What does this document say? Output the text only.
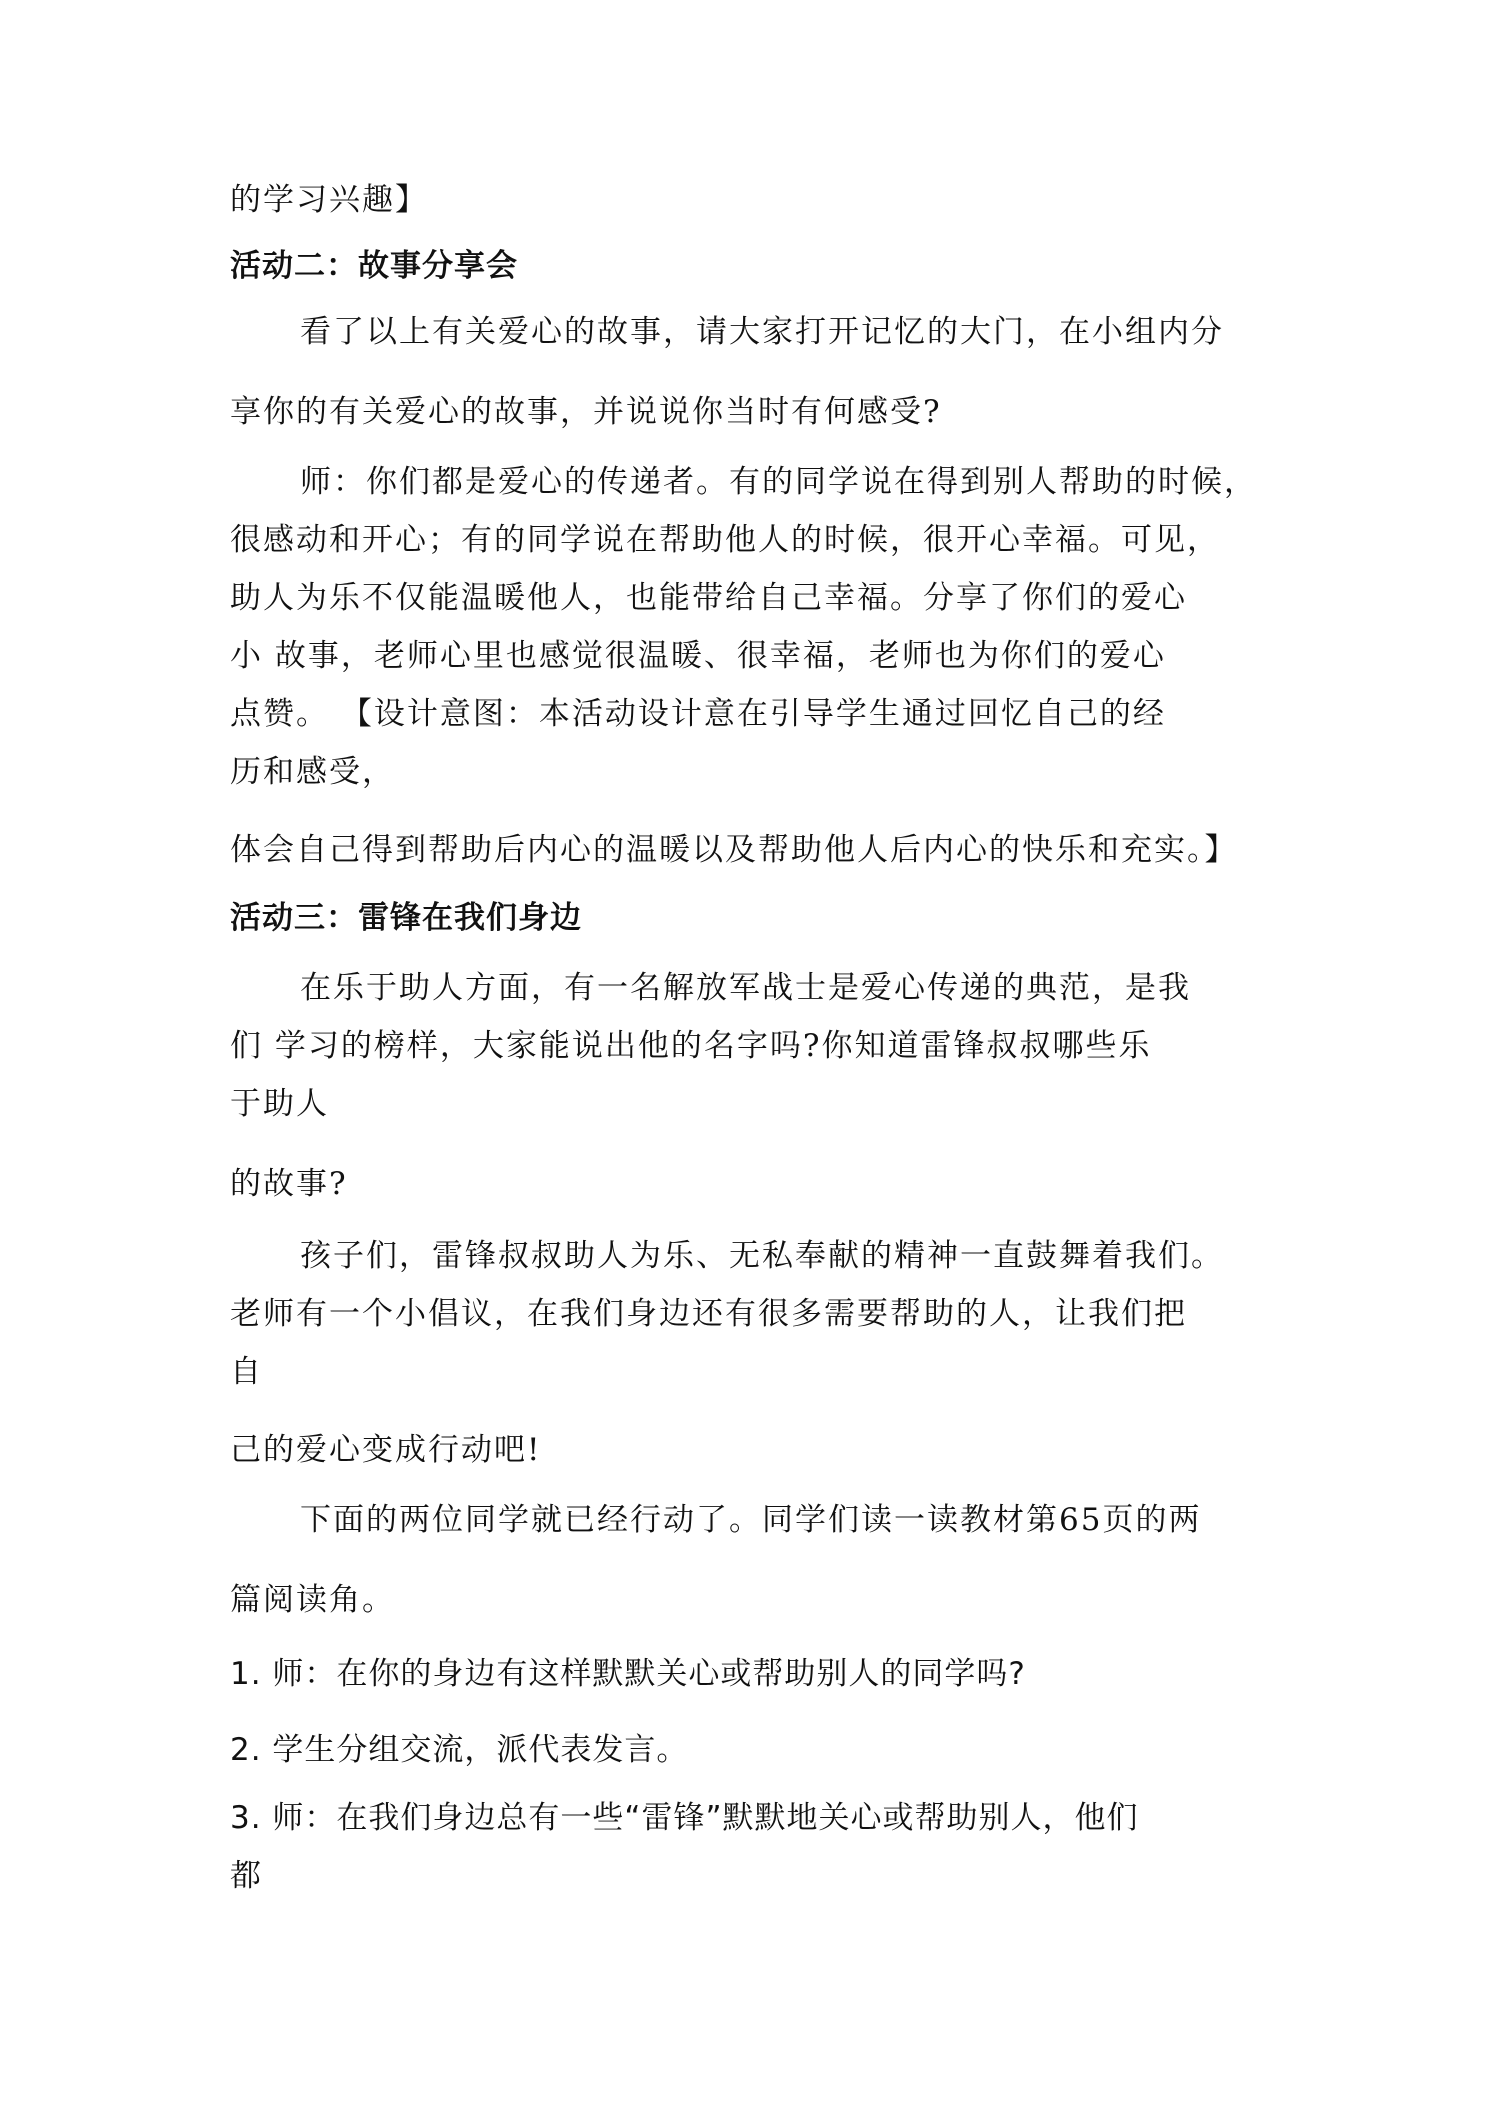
的学习兴趣】
活动二：故事分享会
看了以上有关爱心的故事，请大家打开记忆的大门，在小组内分
享你的有关爱心的故事，并说说你当时有何感受?
师：你们都是爱心的传递者。有的同学说在得到别人帮助的时候，
很感动和开心；有的同学说在帮助他人的时候，很开心幸福。可见，
助人为乐不仅能温暖他人，也能带给自己幸福。分享了你们的爱心
小 故事，老师心里也感觉很温暖、很幸福，老师也为你们的爱心
点赞。 【设计意图：本活动设计意在引导学生通过回忆自己的经
历和感受，
体会自己得到帮助后内心的温暖以及帮助他人后内心的快乐和充实。】
活动三：雷锋在我们身边
在乐于助人方面，有一名解放军战士是爱心传递的典范，是我
们 学习的榜样，大家能说出他的名字吗?你知道雷锋叔叔哪些乐
于助人
的故事?
孩子们，雷锋叔叔助人为乐、无私奉献的精神一直鼓舞着我们。
老师有一个小倡议，在我们身边还有很多需要帮助的人，让我们把
自
己的爱心变成行动吧!
下面的两位同学就已经行动了。同学们读一读教材第65页的两
篇阅读角。
1. 师：在你的身边有这样默默关心或帮助别人的同学吗?
2. 学生分组交流，派代表发言。
3. 师：在我们身边总有一些“雷锋”默默地关心或帮助别人，他们
都
